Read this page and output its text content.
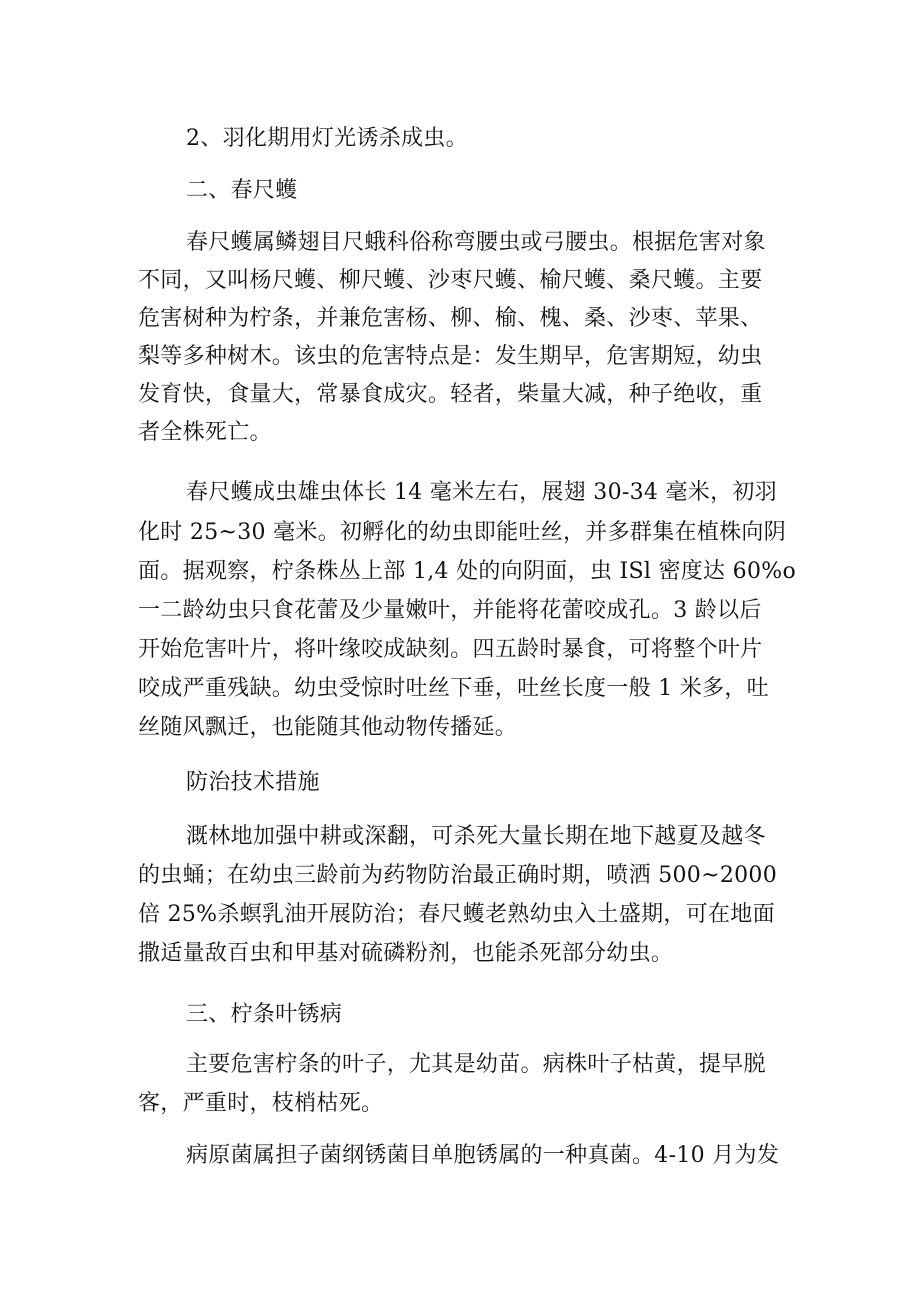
2、羽化期用灯光诱杀成虫。
二、春尺蠖
春尺蠖属鳞翅目尺蛾科俗称弯腰虫或弓腰虫。根据危害对象
不同，又叫杨尺蠖、柳尺蠖、沙枣尺蠖、榆尺蠖、桑尺蠖。主要
危害树种为柠条，并兼危害杨、柳、榆、槐、桑、沙枣、苹果、
梨等多种树木。该虫的危害特点是：发生期早，危害期短，幼虫
发育快，食量大，常暴食成灾。轻者，柴量大减，种子绝收，重
者全株死亡。
春尺蠖成虫雄虫体长 14 毫米左右，展翅 30-34 毫米，初羽
化时 25~30 毫米。初孵化的幼虫即能吐丝，并多群集在植株向阴
面。据观察，柠条株丛上部 1,4 处的向阴面，虫 ISl 密度达 60%o
一二龄幼虫只食花蕾及少量嫩叶，并能将花蕾咬成孔。3 龄以后
开始危害叶片，将叶缘咬成缺刻。四五龄时暴食，可将整个叶片
咬成严重残缺。幼虫受惊时吐丝下垂，吐丝长度一般 1 米多，吐
丝随风飘迁，也能随其他动物传播延。
防治技术措施
溉林地加强中耕或深翻，可杀死大量长期在地下越夏及越冬
的虫蛹；在幼虫三龄前为药物防治最正确时期，喷洒 500~2000
倍 25%杀螟乳油开展防治；春尺蠖老熟幼虫入土盛期，可在地面
撒适量敌百虫和甲基对硫磷粉剂，也能杀死部分幼虫。
三、柠条叶锈病
主要危害柠条的叶子，尤其是幼苗。病株叶子枯黄，提早脱
客，严重时，枝梢枯死。
病原菌属担子菌纲锈菌目单胞锈属的一种真菌。4-10 月为发
